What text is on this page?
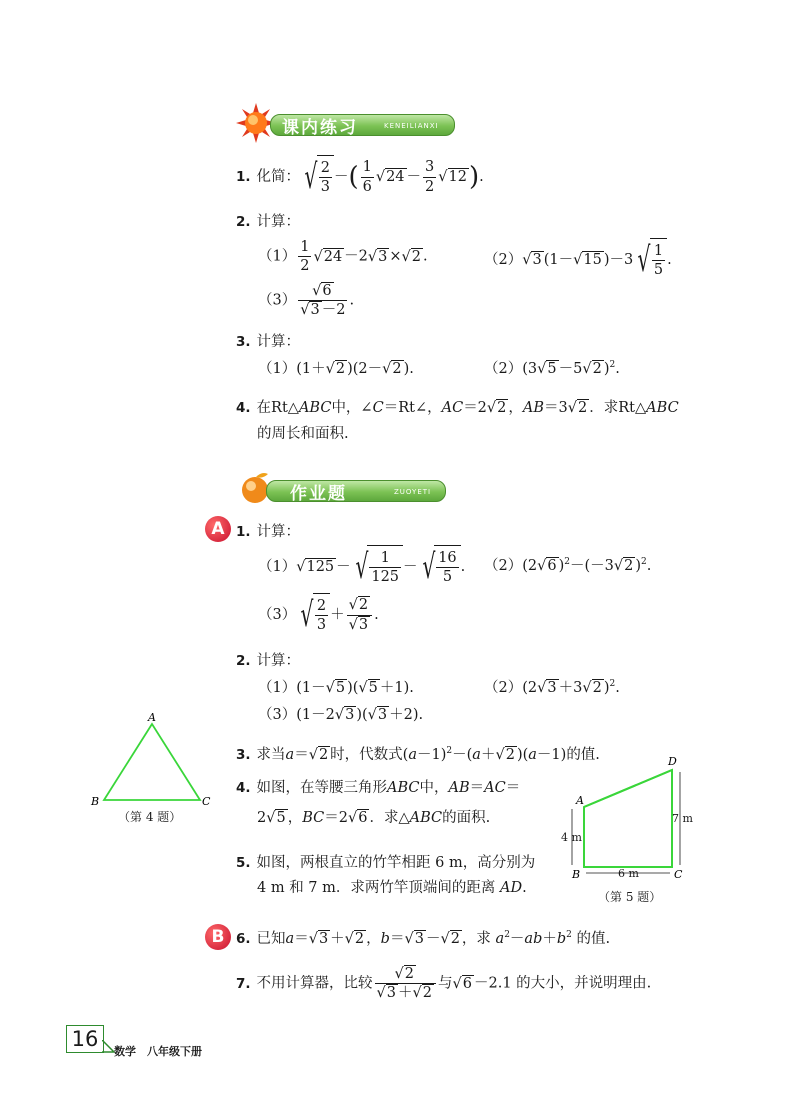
课内练习	KENEILIANXI
1. 化简： √ $\frac{2}{3}$ －( $\frac{1}{6} √24 - \frac{3}{2} √12$).
2. 计算：
$(1) \frac{1}{2} √24 -2√3 \times√2$ .	（2）√3 (1－√15 )－3 √ $\frac{1}{5}$ .
$(3) \frac{√6}{√3 -2}$ .
3. 计算：
（1）(1＋√2 )(2－√2 ).	（2）(3√5 －5√2 )$^2$.
4. 在Rt△ABC中，∠C＝Rt∠，AC＝2√2 ，AB＝3√2 ．求Rt△ABC
的周长和面积.
作业题	ZUOYETI
A 1. 计算：
（1）√125 － √ $\frac{1}{125}$ － √ $\frac{16}{5}$ . （2）(2√6 )$^2$－(－3√2 )$^2$.
（3） √ $\frac{2}{3} + \frac{√2}{√3}$ .
2. 计算：
（1）(1－√5 )(√5 ＋1).	（2）(2√3 ＋3√2 )$^2$.
（3）(1－2√3 )(√3 ＋2).
A
B	C
（第 4 题）
3. 求当a＝√2 时，代数式$(a-1)^2-(a+√2$ )(a－1)的值.
4. 如图，在等腰三角形ABC中，AB＝AC＝
2√5 ，BC＝2√6 ．求△ABC的面积.
5. 如图，两根直立的竹竿相距 6 m，高分别为
4 m 和 7 m．求两竹竿顶端间的距离 AD.
A
B	C
D
4 m
7 m
6 m
（第 5 题）
B 6. 已知a＝√3 ＋√2 ，b＝√3 －√2 ，求 $a^2-ab+b^2$ 的值.
7. 不用计算器，比较 $\frac{√2}{√3 +√2}$ 与√6 －2.1 的大小，并说明理由.
16
数学　八年级下册
